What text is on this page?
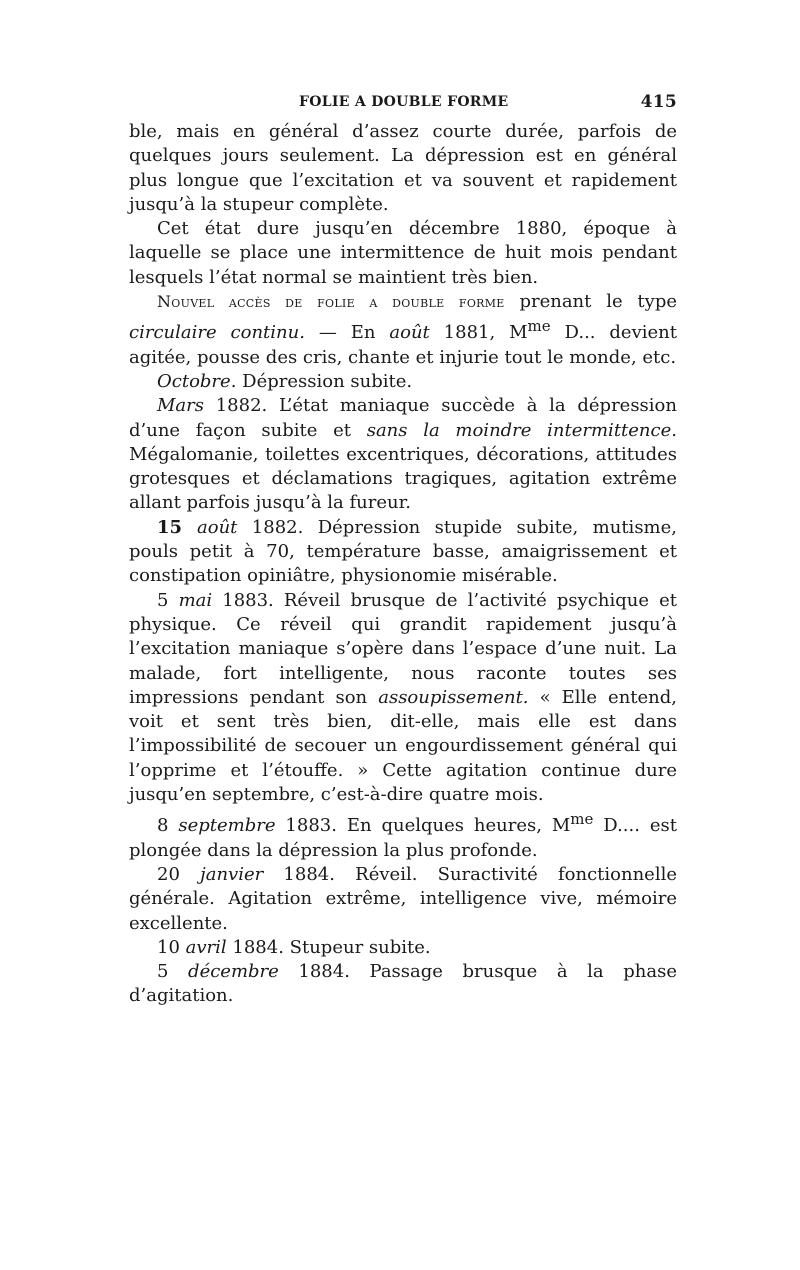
FOLIE A DOUBLE FORME	415

ble, mais en général d’assez courte durée, parfois de quelques jours seulement. La dépression est en général plus longue que l’excitation et va souvent et rapidement jusqu’à la stupeur complète.

Cet état dure jusqu’en décembre 1880, époque à laquelle se place une intermittence de huit mois pendant lesquels l’état normal se maintient très bien.

Nouvel accès de folie a double forme prenant le type circulaire continu. — En août 1881, $M^{me}$ D... devient agitée, pousse des cris, chante et injurie tout le monde, etc.

Octobre. Dépression subite.

Mars 1882. L’état maniaque succède à la dépression d’une façon subite et sans la moindre intermittence. Mégalomanie, toilettes excentriques, décorations, attitudes grotesques et déclamations tragiques, agitation extrême allant parfois jusqu’à la fureur.

15 août 1882. Dépression stupide subite, mutisme, pouls petit à 70, température basse, amaigrissement et constipation opiniâtre, physionomie misérable.

5 mai 1883. Réveil brusque de l’activité psychique et physique. Ce réveil qui grandit rapidement jusqu’à l’excitation maniaque s’opère dans l’espace d’une nuit. La malade, fort intelligente, nous raconte toutes ses impressions pendant son assoupissement. « Elle entend, voit et sent très bien, dit-elle, mais elle est dans l’impossibilité de secouer un engourdissement général qui l’opprime et l’étouffe. » Cette agitation continue dure jusqu’en septembre, c’est-à-dire quatre mois.

8 septembre 1883. En quelques heures, $M^{me}$ D.... est plongée dans la dépression la plus profonde.

20 janvier 1884. Réveil. Suractivité fonctionnelle générale. Agitation extrême, intelligence vive, mémoire excellente.

10 avril 1884. Stupeur subite.

5 décembre 1884. Passage brusque à la phase d’agitation.
